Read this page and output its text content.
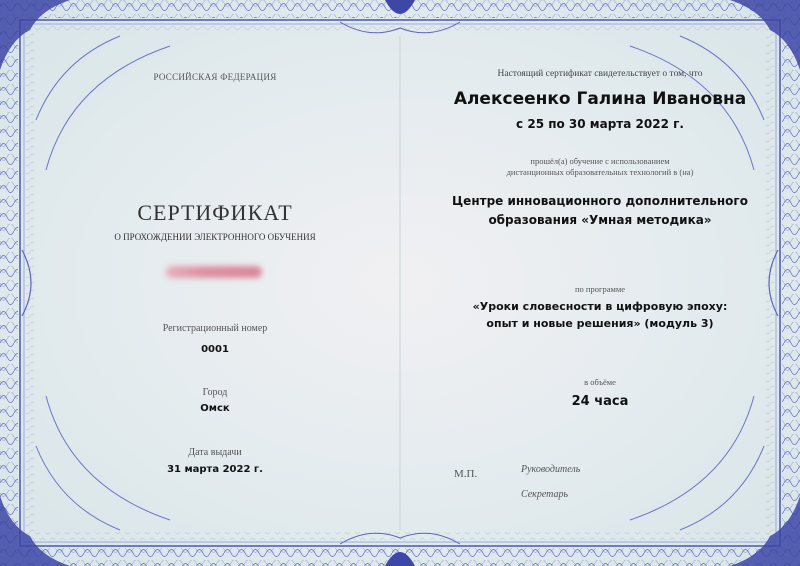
РОССИЙСКАЯ ФЕДЕРАЦИЯ

СЕРТИФИКАТ

О ПРОХОЖДЕНИИ ЭЛЕКТРОННОГО ОБУЧЕНИЯ

Регистрационный номер

0001

Город

Омск

Дата выдачи

31 марта 2022 г.

Настоящий сертификат свидетельствует о том, что

Алексеенко Галина Ивановна

с 25 по 30 марта 2022 г.

прошёл(а) обучение с использованием

дистанционных образовательных технологий в (на)

Центре инновационного дополнительного

образования «Умная методика»

по программе

«Уроки словесности в цифровую эпоху:

опыт и новые решения» (модуль 3)

в объёме

24 часа

М.П.	Руководитель
Секретарь
